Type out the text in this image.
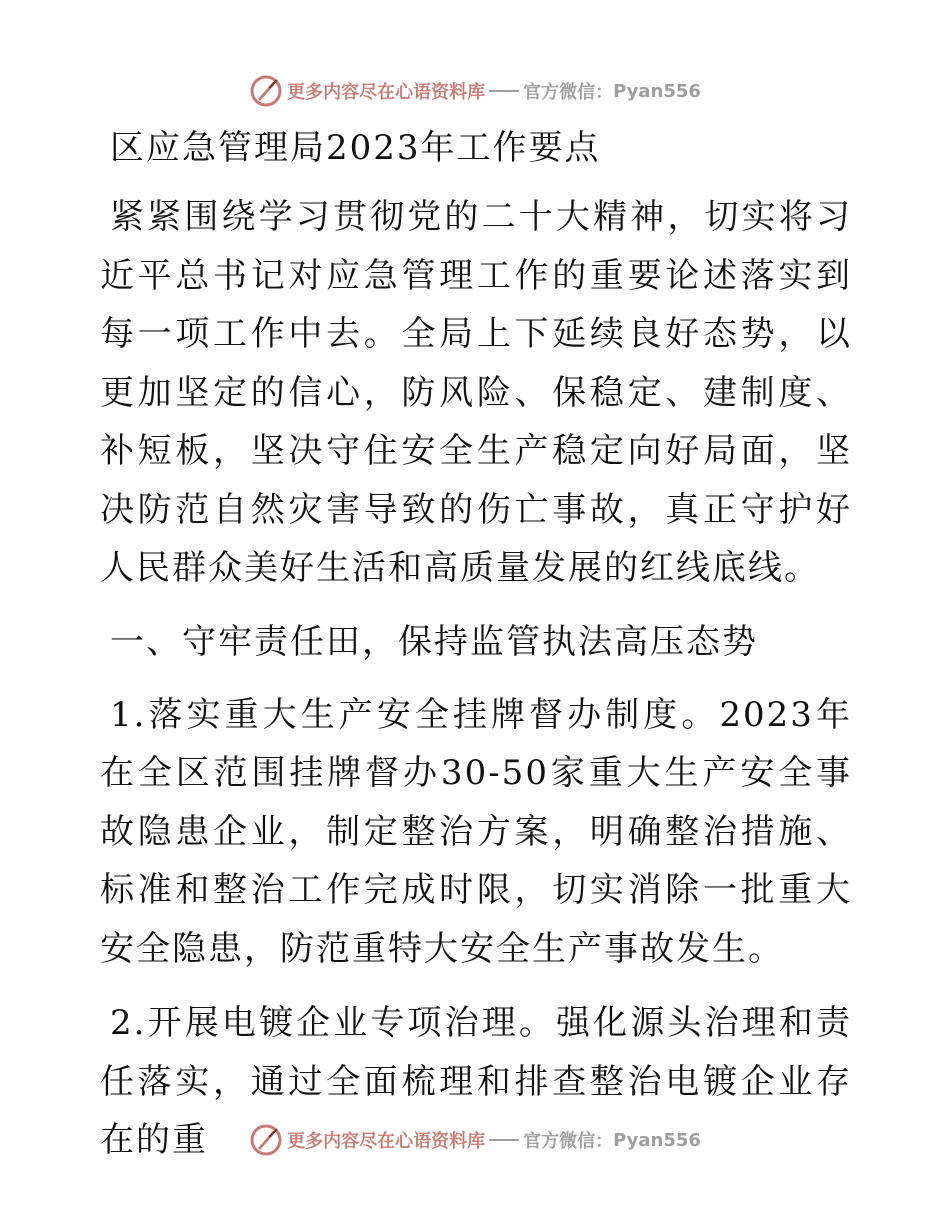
更多内容尽在心语资料库 官方微信： Pyan556
区应急管理局2023年工作要点

紧紧围绕学习贯彻党的二十大精神，切实将习近平总书记对应急管理工作的重要论述落实到每一项工作中去。全局上下延续良好态势，以更加坚定的信心，防风险、保稳定、建制度、补短板，坚决守住安全生产稳定向好局面，坚决防范自然灾害导致的伤亡事故，真正守护好人民群众美好生活和高质量发展的红线底线。

一、守牢责任田，保持监管执法高压态势

1.落实重大生产安全挂牌督办制度。2023年在全区范围挂牌督办30-50家重大生产安全事故隐患企业，制定整治方案，明确整治措施、标准和整治工作完成时限，切实消除一批重大安全隐患，防范重特大安全生产事故发生。

2.开展电镀企业专项治理。强化源头治理和责任落实，通过全面梳理和排查整治电镀企业存在的重	更多内容尽在心语资料库 官方微信： Pyan556
